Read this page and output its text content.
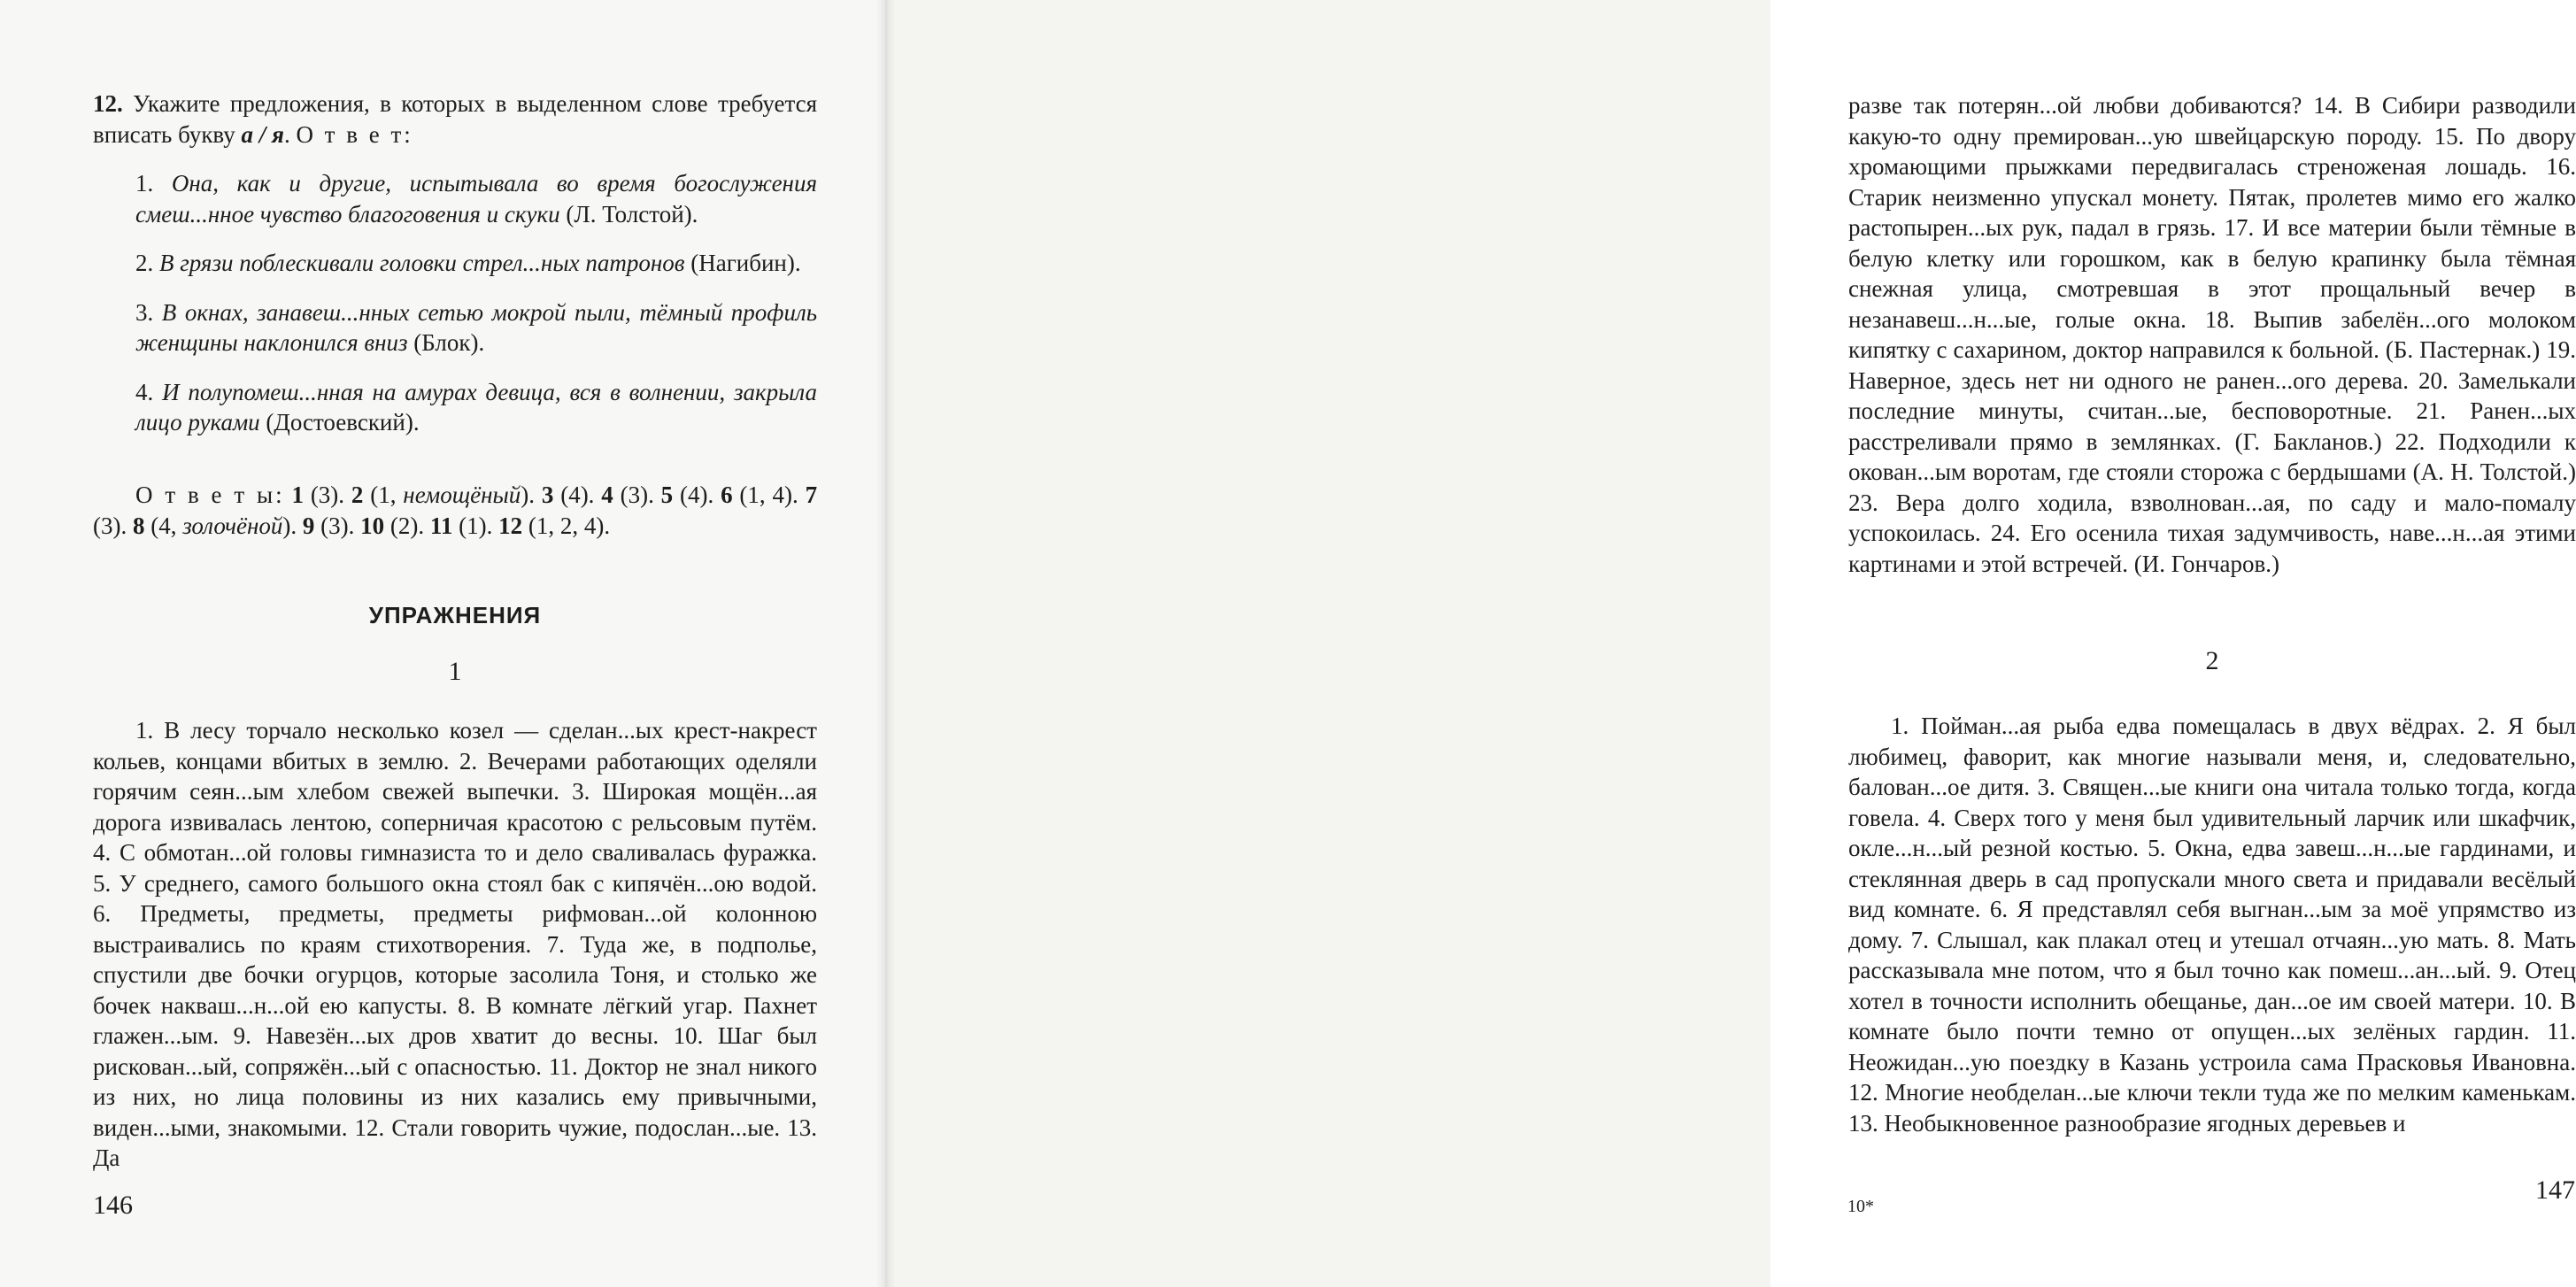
12. Укажите предложения, в которых в выделенном слове требуется вписать букву а / я. О т в е т:

1. Она, как и другие, испытывала во время богослужения смеш...нное чувство благоговения и скуки (Л. Толстой).

2. В грязи поблескивали головки стрел...ных патронов (Нагибин).

3. В окнах, занавеш...нных сетью мокрой пыли, тёмный профиль женщины наклонился вниз (Блок).

4. И полупомеш...нная на амурах девица, вся в волнении, закрыла лицо руками (Достоевский).

О т в е т ы: 1 (3). 2 (1, немощёный). 3 (4). 4 (3). 5 (4). 6 (1, 4). 7 (3). 8 (4, золочёной). 9 (3). 10 (2). 11 (1). 12 (1, 2, 4).

УПРАЖНЕНИЯ
1

1. В лесу торчало несколько козел — сделан...ых крест-накрест кольев, концами вбитых в землю. 2. Вечерами работающих оделяли горячим сеян...ым хлебом свежей выпечки. 3. Широкая мощён...ая дорога извивалась лентою, соперничая красотою с рельсовым путём. 4. С обмотан...ой головы гимназиста то и дело сваливалась фуражка. 5. У среднего, самого большого окна стоял бак с кипячён...ою водой. 6. Предметы, предметы, предметы рифмован...ой колонною выстраивались по краям стихотворения. 7. Туда же, в подполье, спустили две бочки огурцов, которые засолила Тоня, и столько же бочек накваш...н...ой ею капусты. 8. В комнате лёгкий угар. Пахнет глажен...ым. 9. Навезён...ых дров хватит до весны. 10. Шаг был рискован...ый, сопряжён...ый с опасностью. 11. Доктор не знал никого из них, но лица половины из них казались ему привычными, виден...ыми, знакомыми. 12. Стали говорить чужие, подослан...ые. 13. Да

146

разве так потерян...ой любви добиваются? 14. В Сибири разводили какую-то одну премирован...ую швейцарскую породу. 15. По двору хромающими прыжками передвигалась стреноженая лошадь. 16. Старик неизменно упускал монету. Пятак, пролетев мимо его жалко растопырен...ых рук, падал в грязь. 17. И все материи были тёмные в белую клетку или горошком, как в белую крапинку была тёмная снежная улица, смотревшая в этот прощальный вечер в незанавеш...н...ые, голые окна. 18. Выпив забелён...ого молоком кипятку с сахарином, доктор направился к больной. (Б. Пастернак.) 19. Наверное, здесь нет ни одного не ранен...ого дерева. 20. Замелькали последние минуты, считан...ые, бесповоротные. 21. Ранен...ых расстреливали прямо в землянках. (Г. Бакланов.) 22. Подходили к окован...ым воротам, где стояли сторожа с бердышами (А. Н. Толстой.) 23. Вера долго ходила, взволнован...ая, по саду и мало-помалу успокоилась. 24. Его осенила тихая задумчивость, наве...н...ая этими картинами и этой встречей. (И. Гончаров.)

2

1. Пойман...ая рыба едва помещалась в двух вёдрах. 2. Я был любимец, фаворит, как многие называли меня, и, следовательно, балован...ое дитя. 3. Священ...ые книги она читала только тогда, когда говела. 4. Сверх того у меня был удивительный ларчик или шкафчик, окле...н...ый резной костью. 5. Окна, едва завеш...н...ые гардинами, и стеклянная дверь в сад пропускали много света и придавали весёлый вид комнате. 6. Я представлял себя выгнан...ым за моё упрямство из дому. 7. Слышал, как плакал отец и утешал отчаян...ую мать. 8. Мать рассказывала мне потом, что я был точно как помеш...ан...ый. 9. Отец хотел в точности исполнить обещанье, дан...ое им своей матери. 10. В комнате было почти темно от опущен...ых зелёных гардин. 11. Неожидан...ую поездку в Казань устроила сама Прасковья Ивановна. 12. Многие необделан...ые ключи текли туда же по мелким каменькам. 13. Необыкновенное разнообразие ягодных деревьев и

10*
147
